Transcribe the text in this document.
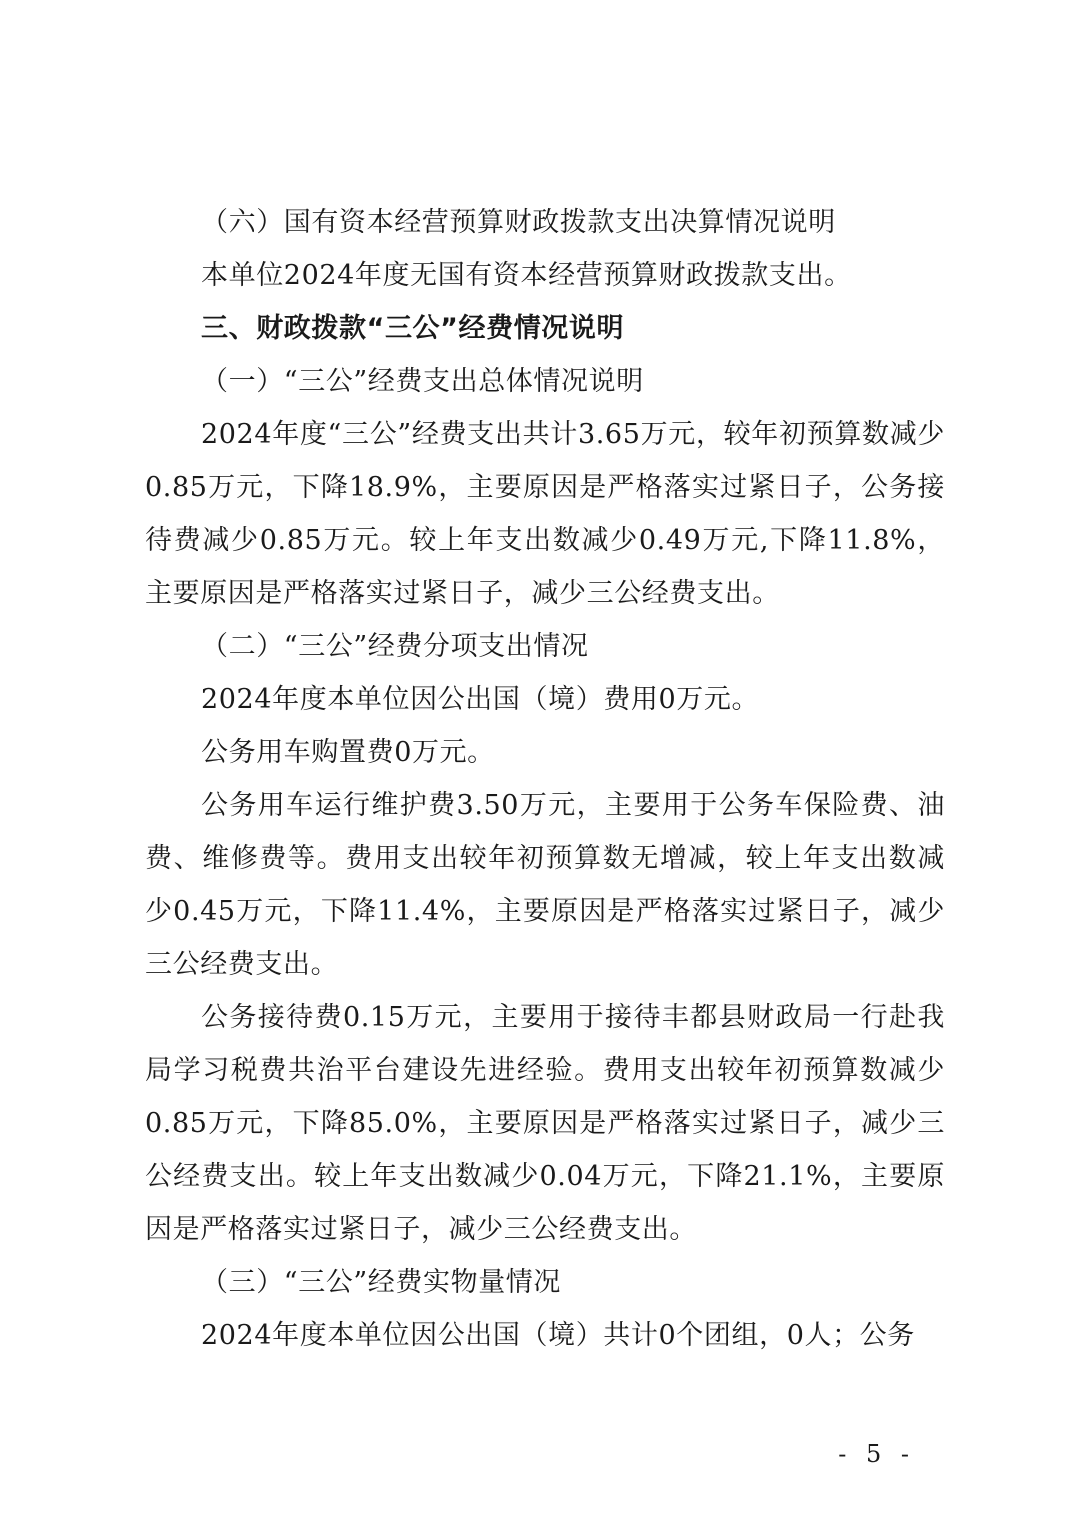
（六）国有资本经营预算财政拨款支出决算情况说明

本单位2024年度无国有资本经营预算财政拨款支出。

三、财政拨款“三公”经费情况说明

（一）“三公”经费支出总体情况说明

2024年度“三公”经费支出共计3.65万元，较年初预算数减少0.85万元，下降18.9%，主要原因是严格落实过紧日子，公务接待费减少0.85万元。较上年支出数减少0.49万元,下降11.8%，主要原因是严格落实过紧日子，减少三公经费支出。

（二）“三公”经费分项支出情况

2024年度本单位因公出国（境）费用0万元。

公务用车购置费0万元。

公务用车运行维护费3.50万元，主要用于公务车保险费、油费、维修费等。费用支出较年初预算数无增减，较上年支出数减少0.45万元，下降11.4%，主要原因是严格落实过紧日子，减少三公经费支出。

公务接待费0.15万元，主要用于接待丰都县财政局一行赴我局学习税费共治平台建设先进经验。费用支出较年初预算数减少0.85万元，下降85.0%，主要原因是严格落实过紧日子，减少三公经费支出。较上年支出数减少0.04万元，下降21.1%，主要原因是严格落实过紧日子，减少三公经费支出。

（三）“三公”经费实物量情况

2024年度本单位因公出国（境）共计0个团组，0人；公务

- 5 -
